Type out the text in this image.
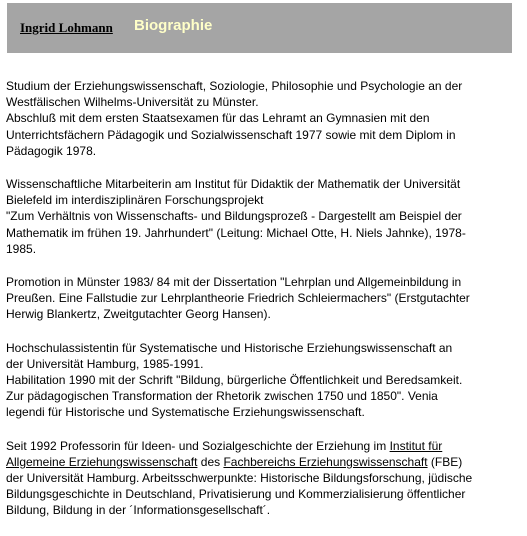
Ingrid Lohmann Biographie

Studium der Erziehungswissenschaft, Soziologie, Philosophie und Psychologie an der
Westfälischen Wilhelms-Universität zu Münster.
Abschluß mit dem ersten Staatsexamen für das Lehramt an Gymnasien mit den
Unterrichtsfächern Pädagogik und Sozialwissenschaft 1977 sowie mit dem Diplom in
Pädagogik 1978.

Wissenschaftliche Mitarbeiterin am Institut für Didaktik der Mathematik der Universität
Bielefeld im interdisziplinären Forschungsprojekt
"Zum Verhältnis von Wissenschafts- und Bildungsprozeß - Dargestellt am Beispiel der
Mathematik im frühen 19. Jahrhundert" (Leitung: Michael Otte, H. Niels Jahnke), 1978-
1985.

Promotion in Münster 1983/ 84 mit der Dissertation "Lehrplan und Allgemeinbildung in
Preußen. Eine Fallstudie zur Lehrplantheorie Friedrich Schleiermachers" (Erstgutachter
Herwig Blankertz, Zweitgutachter Georg Hansen).

Hochschulassistentin für Systematische und Historische Erziehungswissenschaft an
der Universität Hamburg, 1985-1991.
Habilitation 1990 mit der Schrift "Bildung, bürgerliche Öffentlichkeit und Beredsamkeit.
Zur pädagogischen Transformation der Rhetorik zwischen 1750 und 1850". Venia
legendi für Historische und Systematische Erziehungswissenschaft.

Seit 1992 Professorin für Ideen- und Sozialgeschichte der Erziehung im Institut für
Allgemeine Erziehungswissenschaft des Fachbereichs Erziehungswissenschaft (FBE)
der Universität Hamburg. Arbeitsschwerpunkte: Historische Bildungsforschung, jüdische
Bildungsgeschichte in Deutschland, Privatisierung und Kommerzialisierung öffentlicher
Bildung, Bildung in der ´Informationsgesellschaft´.
